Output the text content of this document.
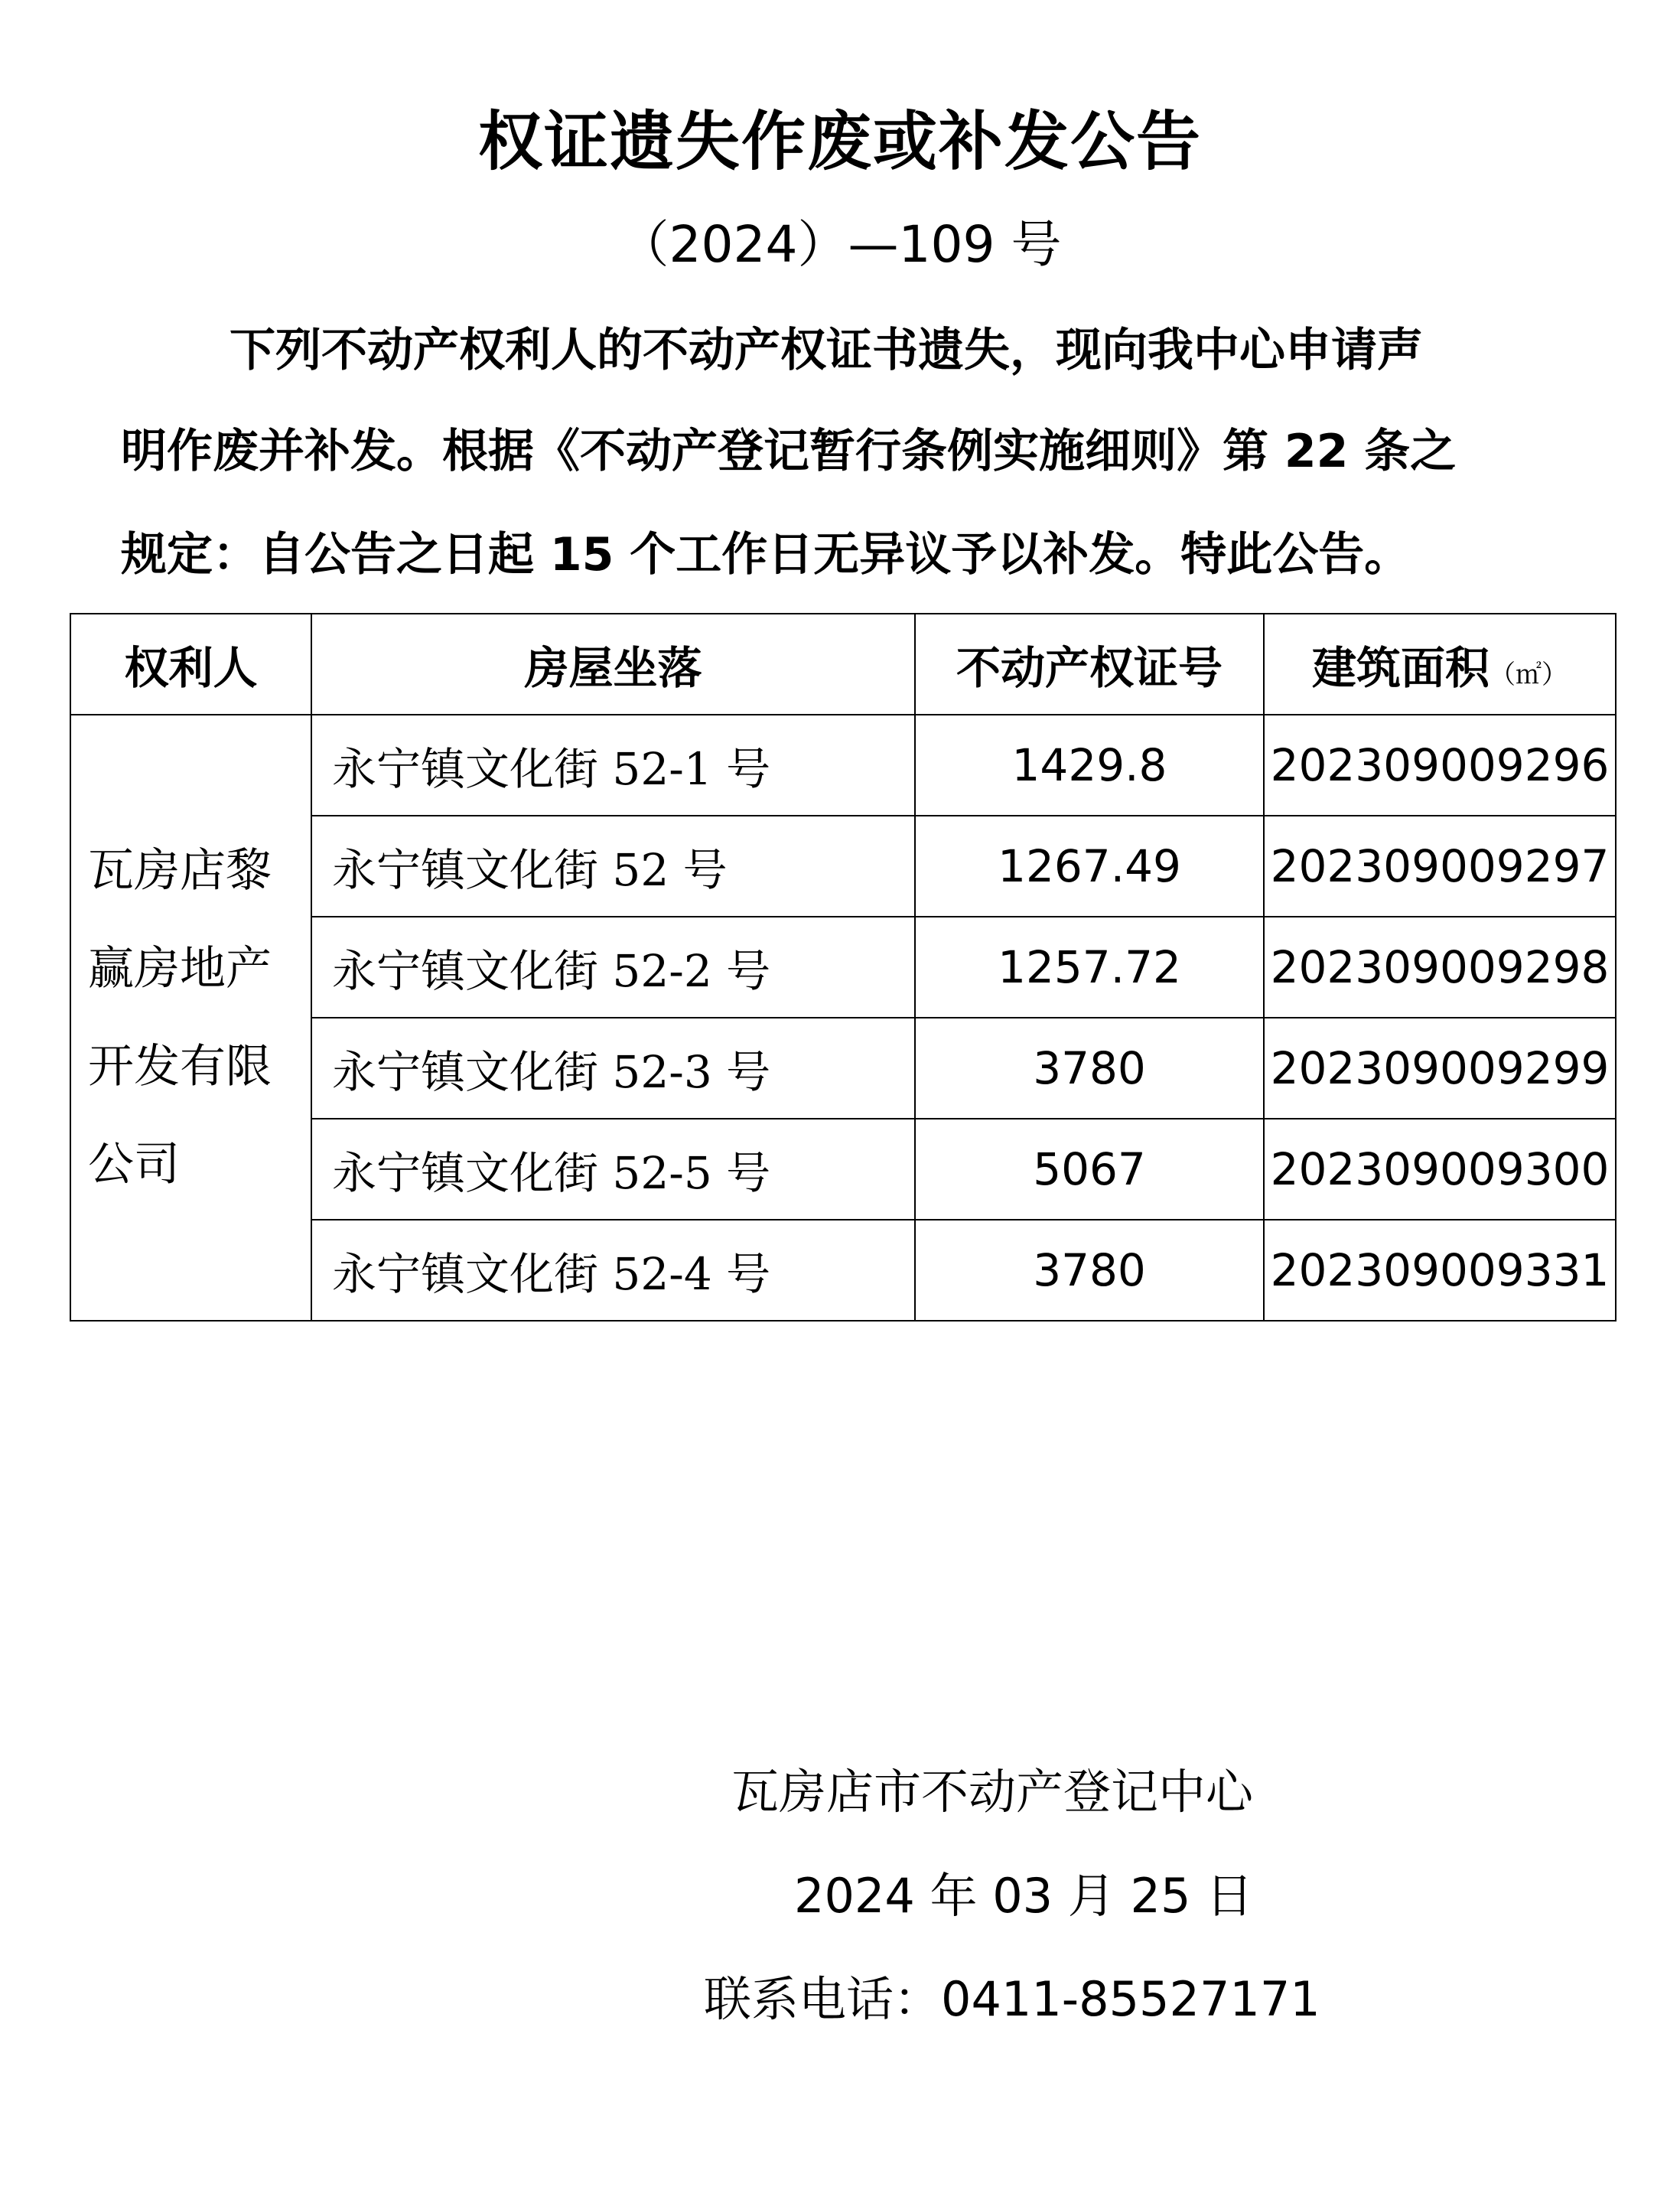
权证遗失作废或补发公告
（2024）—109 号
下列不动产权利人的不动产权证书遗失，现向我中心申请声
明作废并补发。根据《不动产登记暂行条例实施细则》第 22 条之
规定：自公告之日起 15 个工作日无异议予以补发。特此公告。
权利人	房屋坐落	不动产权证号	建筑面积（㎡）
瓦房店黎赢房地产开发有限公司	永宁镇文化街 52-1 号	1429.8	202309009296
	永宁镇文化街 52 号	1267.49	202309009297
	永宁镇文化街 52-2 号	1257.72	202309009298
	永宁镇文化街 52-3 号	3780	202309009299
	永宁镇文化街 52-5 号	5067	202309009300
	永宁镇文化街 52-4 号	3780	202309009331
瓦房店市不动产登记中心
2024 年 03 月 25 日
联系电话：0411-85527171
